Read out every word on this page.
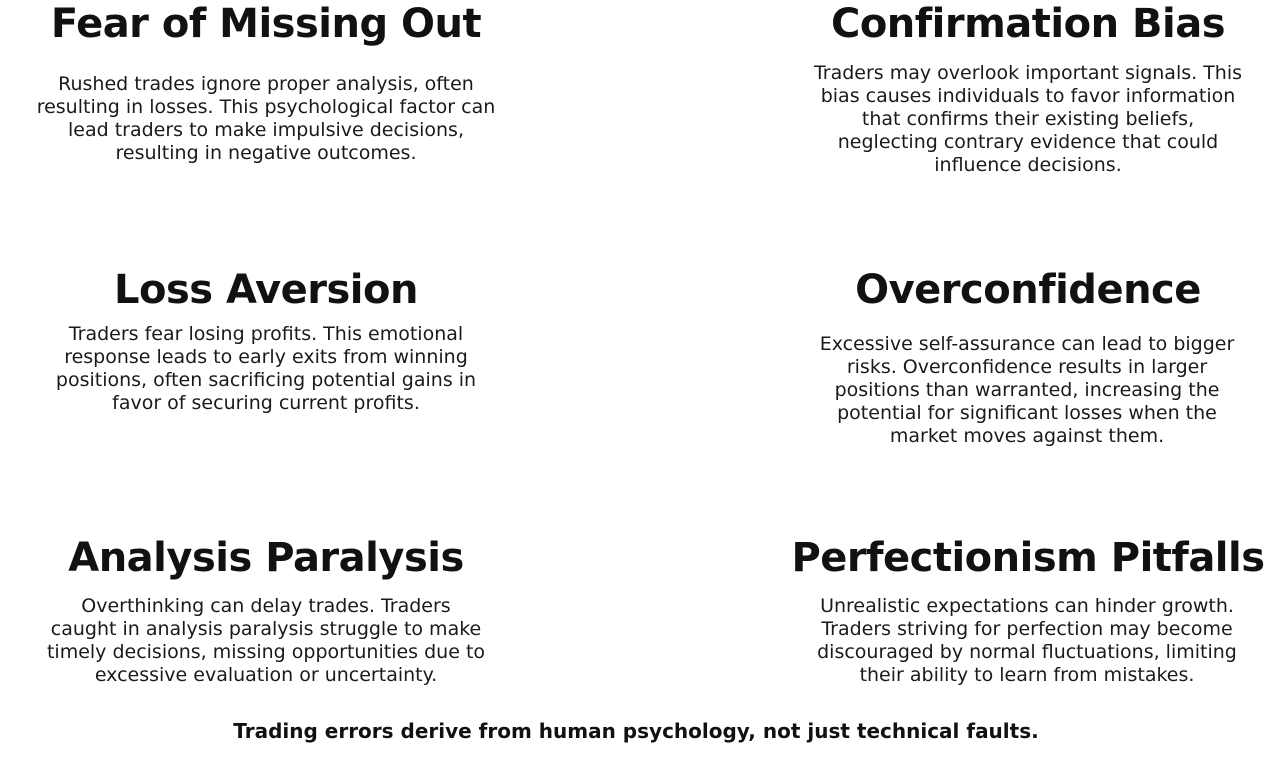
Fear of Missing Out

Rushed trades ignore proper analysis, often resulting in losses. This psychological factor can lead traders to make impulsive decisions, resulting in negative outcomes.

Confirmation Bias

Traders may overlook important signals. This bias causes individuals to favor information that confirms their existing beliefs, neglecting contrary evidence that could influence decisions.

Loss Aversion

Traders fear losing profits. This emotional response leads to early exits from winning positions, often sacrificing potential gains in favor of securing current profits.

Overconfidence

Excessive self-assurance can lead to bigger risks. Overconfidence results in larger positions than warranted, increasing the potential for significant losses when the market moves against them.

Analysis Paralysis

Overthinking can delay trades. Traders caught in analysis paralysis struggle to make timely decisions, missing opportunities due to excessive evaluation or uncertainty.

Perfectionism Pitfalls

Unrealistic expectations can hinder growth. Traders striving for perfection may become discouraged by normal fluctuations, limiting their ability to learn from mistakes.

Trading errors derive from human psychology, not just technical faults.
